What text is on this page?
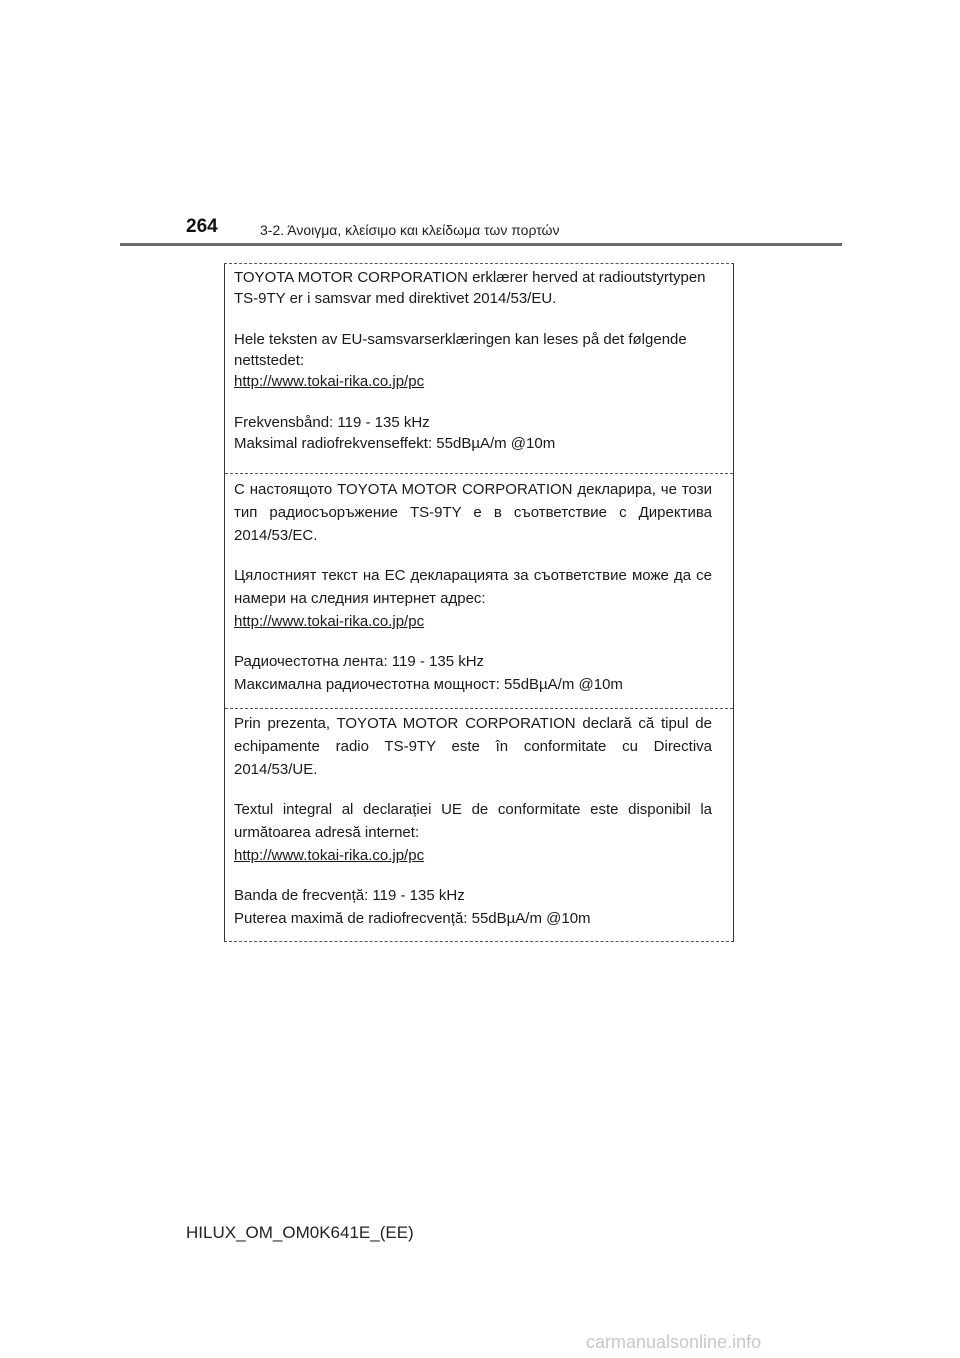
264	3-2. Άνοιγμα, κλείσιμο και κλείδωμα των πορτών

TOYOTA MOTOR CORPORATION erklærer herved at radioutstyrtypen TS-9TY er i samsvar med direktivet 2014/53/EU.

Hele teksten av EU-samsvarserklæringen kan leses på det følgende nettstedet:

http://www.tokai-rika.co.jp/pc

Frekvensbånd: 119 - 135 kHz

Maksimal radiofrekvenseffekt: 55dBµA/m @10m

С настоящото TOYOTA MOTOR CORPORATION декларира, че този тип радиосъоръжение TS-9TY е в съответствие с Директива 2014/53/ЕС.

Цялостният текст на ЕС декларацията за съответствие може да се намери на следния интернет адрес:

http://www.tokai-rika.co.jp/pc

Радиочестотна лента: 119 - 135 kHz

Максимална радиочестотна мощност: 55dBµA/m @10m

Prin prezenta, TOYOTA MOTOR CORPORATION declară că tipul de echipamente radio TS-9TY este în conformitate cu Directiva 2014/53/UE.

Textul integral al declarației UE de conformitate este disponibil la următoarea adresă internet:

http://www.tokai-rika.co.jp/pc

Banda de frecvență: 119 - 135 kHz

Puterea maximă de radiofrecvență: 55dBµA/m @10m

HILUX_OM_OM0K641E_(EE)
carmanualsonline.info
